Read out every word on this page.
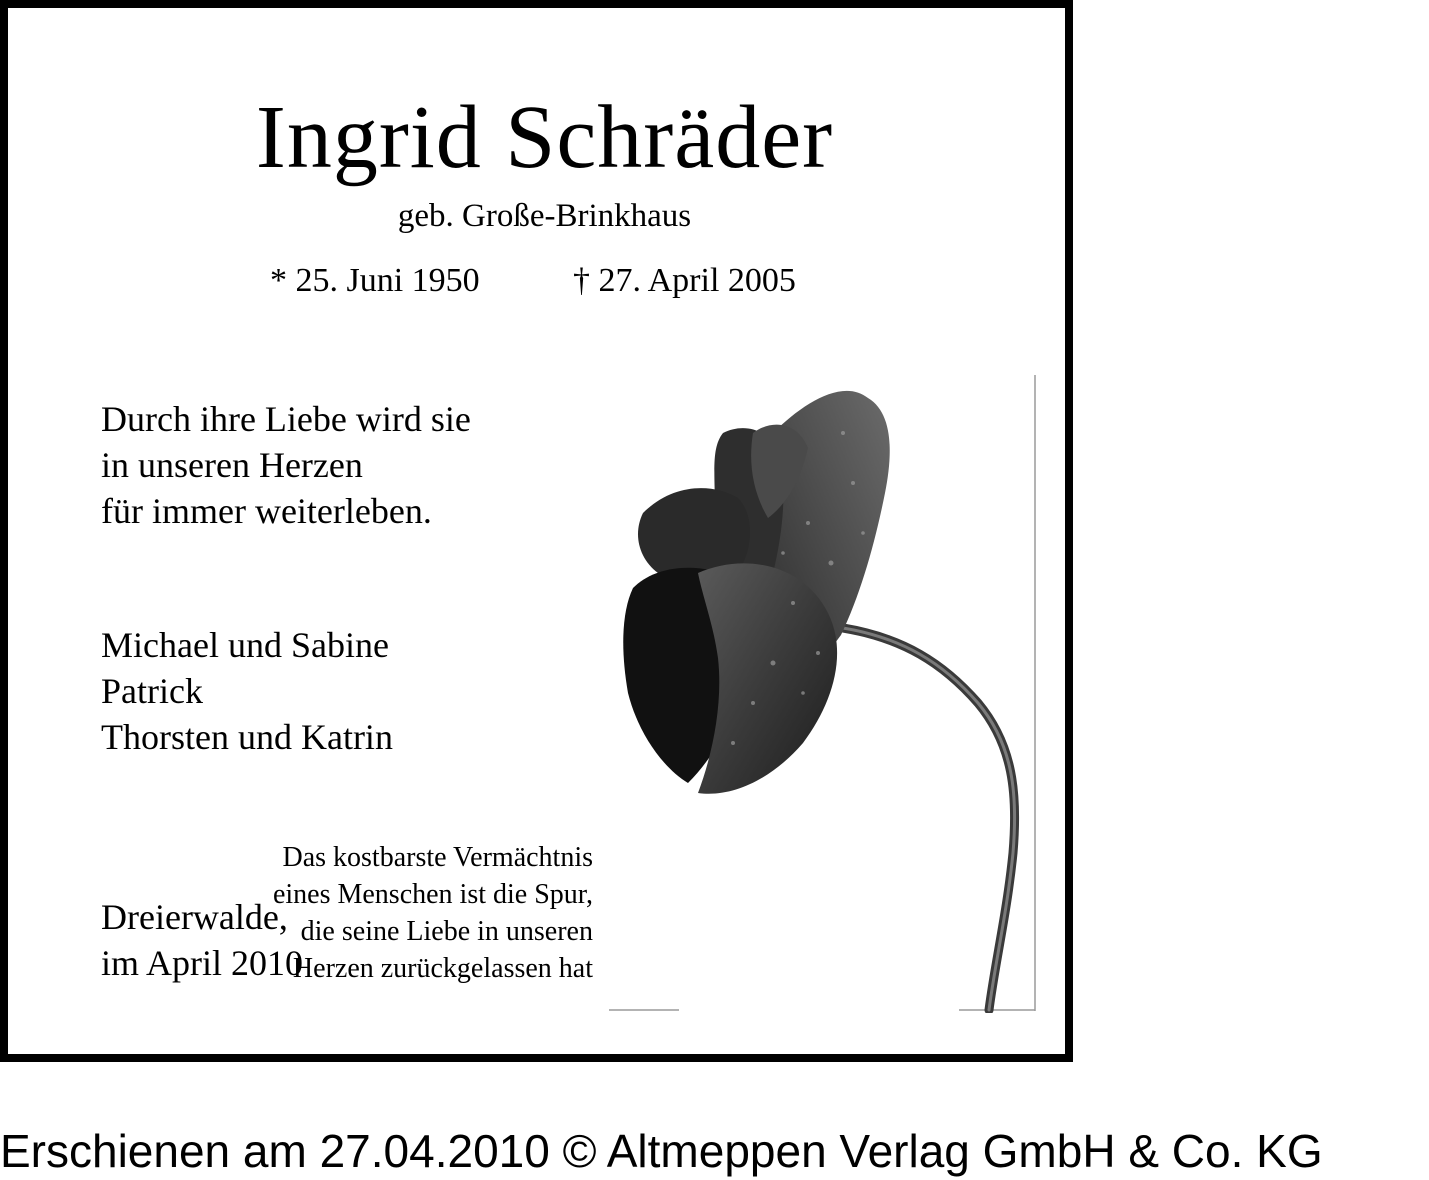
Ingrid Schräder
geb. Große-Brinkhaus
* 25. Juni 1950	† 27. April 2005
Durch ihre Liebe wird sie
in unseren Herzen
für immer weiterleben.
Michael und Sabine
Patrick
Thorsten und Katrin
Dreierwalde,
im April 2010
Das kostbarste Vermächtnis
eines Menschen ist die Spur,
die seine Liebe in unseren
Herzen zurückgelassen hat
Erschienen am 27.04.2010 © Altmeppen Verlag GmbH & Co. KG
